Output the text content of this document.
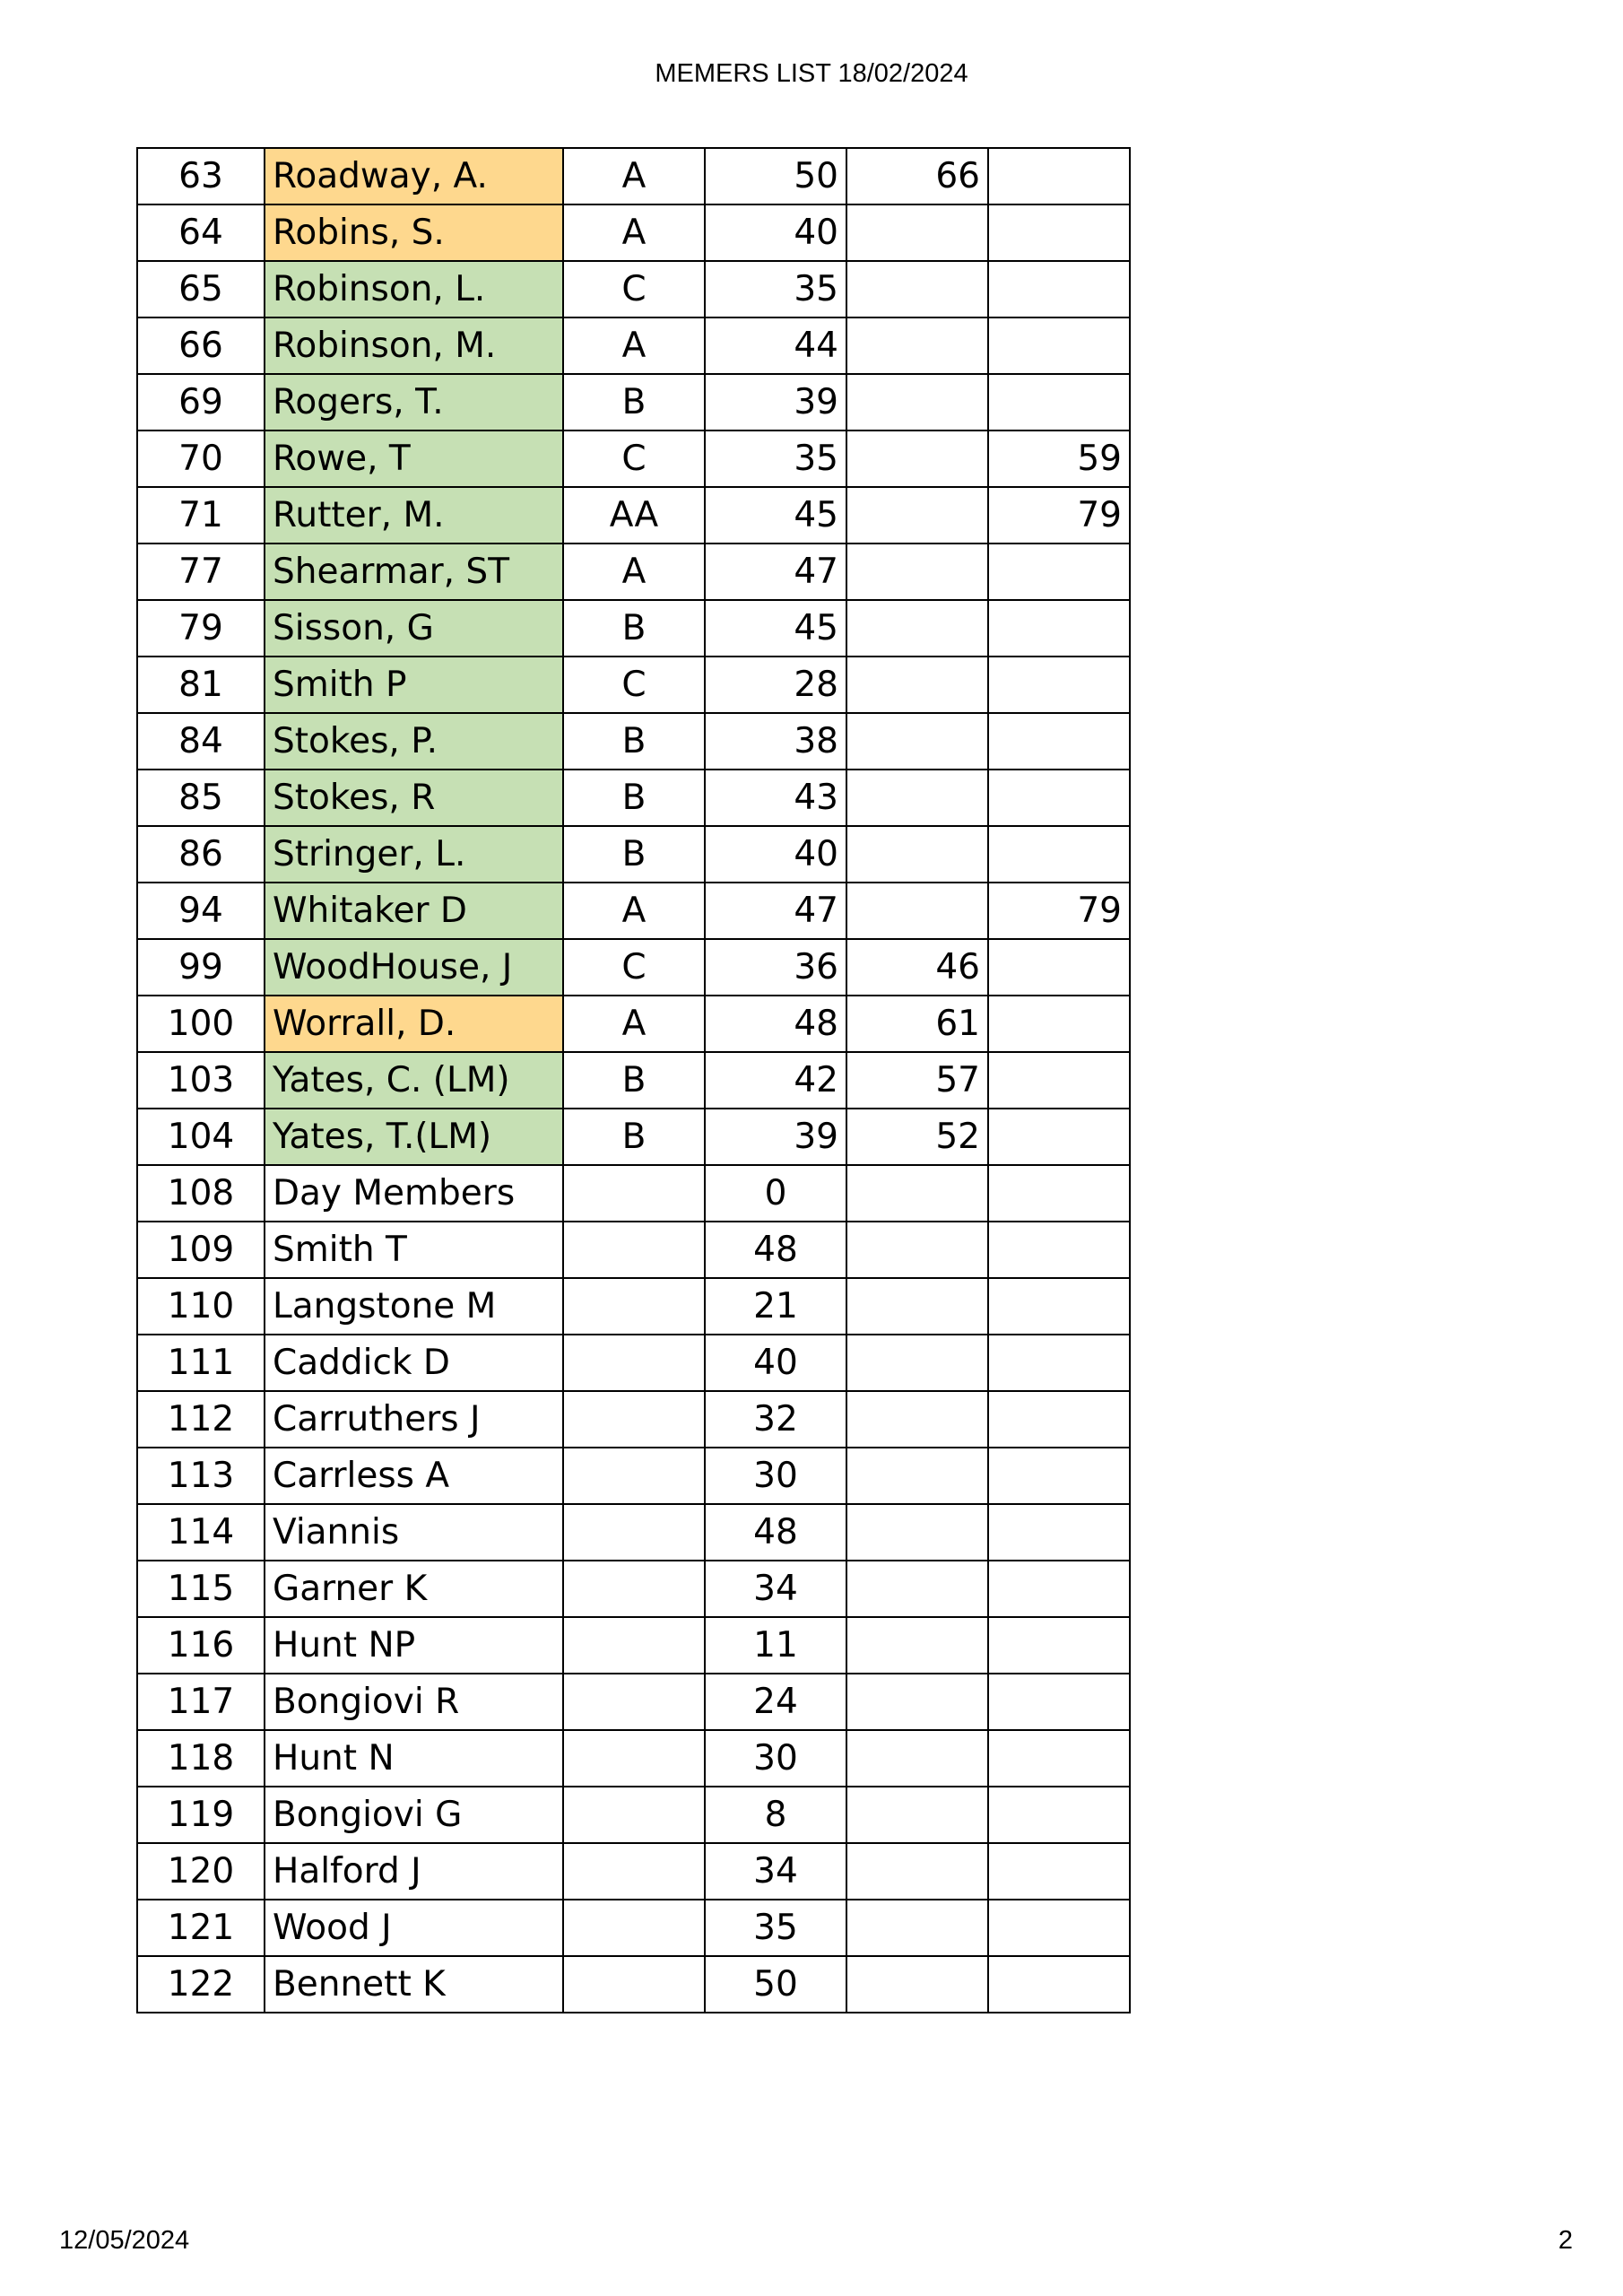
MEMERS LIST 18/02/2024
63	Roadway, A.	A	50	66	
64	Robins, S.	A	40		
65	Robinson, L.	C	35		
66	Robinson, M.	A	44		
69	Rogers, T.	B	39		
70	Rowe, T	C	35		59
71	Rutter, M.	AA	45		79
77	Shearmar, ST	A	47		
79	Sisson, G	B	45		
81	Smith P	C	28		
84	Stokes, P.	B	38		
85	Stokes, R	B	43		
86	Stringer, L.	B	40		
94	Whitaker D	A	47		79
99	WoodHouse, J	C	36	46	
100	Worrall, D.	A	48	61	
103	Yates, C. (LM)	B	42	57	
104	Yates, T.(LM)	B	39	52	
108	Day Members		0		
109	Smith T		48		
110	Langstone M		21		
111	Caddick D		40		
112	Carruthers J		32		
113	Carrless A		30		
114	Viannis		48		
115	Garner K		34		
116	Hunt NP		11		
117	Bongiovi R		24		
118	Hunt N		30		
119	Bongiovi G		8		
120	Halford J		34		
121	Wood J		35		
122	Bennett K		50		
12/05/2024	2
